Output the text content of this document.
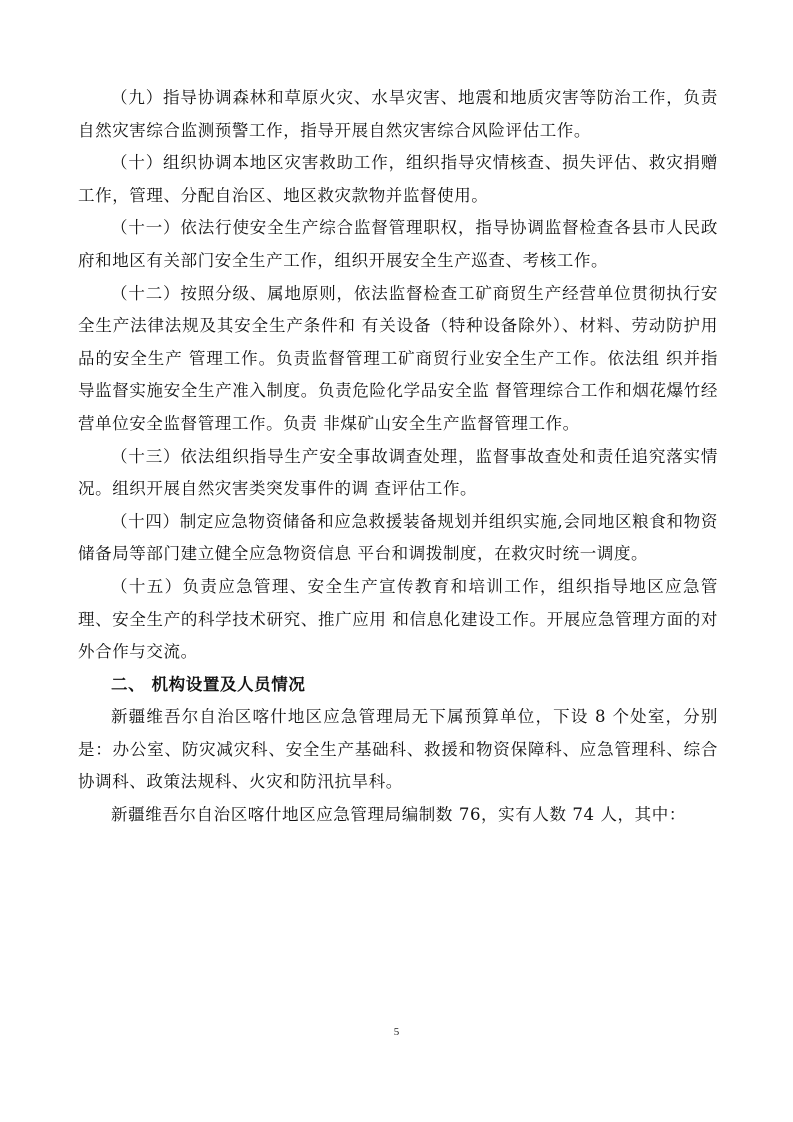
（九）指导协调森林和草原火灾、水旱灾害、地震和地质灾害等防治工作，负责自然灾害综合监测预警工作，指导开展自然灾害综合风险评估工作。

（十）组织协调本地区灾害救助工作，组织指导灾情核查、损失评估、救灾捐赠工作，管理、分配自治区、地区救灾款物并监督使用。

（十一）依法行使安全生产综合监督管理职权，指导协调监督检查各县市人民政府和地区有关部门安全生产工作，组织开展安全生产巡查、考核工作。

（十二）按照分级、属地原则，依法监督检查工矿商贸生产经营单位贯彻执行安全生产法律法规及其安全生产条件和 有关设备（特种设备除外）、材料、劳动防护用品的安全生产 管理工作。负责监督管理工矿商贸行业安全生产工作。依法组 织并指导监督实施安全生产准入制度。负责危险化学品安全监 督管理综合工作和烟花爆竹经营单位安全监督管理工作。负责 非煤矿山安全生产监督管理工作。

（十三）依法组织指导生产安全事故调查处理，监督事故查处和责任追究落实情况。组织开展自然灾害类突发事件的调 查评估工作。

（十四）制定应急物资储备和应急救援装备规划并组织实施,会同地区粮食和物资储备局等部门建立健全应急物资信息 平台和调拨制度，在救灾时统一调度。

（十五）负责应急管理、安全生产宣传教育和培训工作，组织指导地区应急管理、安全生产的科学技术研究、推广应用 和信息化建设工作。开展应急管理方面的对外合作与交流。

二、 机构设置及人员情况

新疆维吾尔自治区喀什地区应急管理局无下属预算单位，下设 8 个处室，分别是：办公室、防灾减灾科、安全生产基础科、救援和物资保障科、应急管理科、综合协调科、政策法规科、火灾和防汛抗旱科。

新疆维吾尔自治区喀什地区应急管理局编制数 76，实有人数 74 人，其中：

5
